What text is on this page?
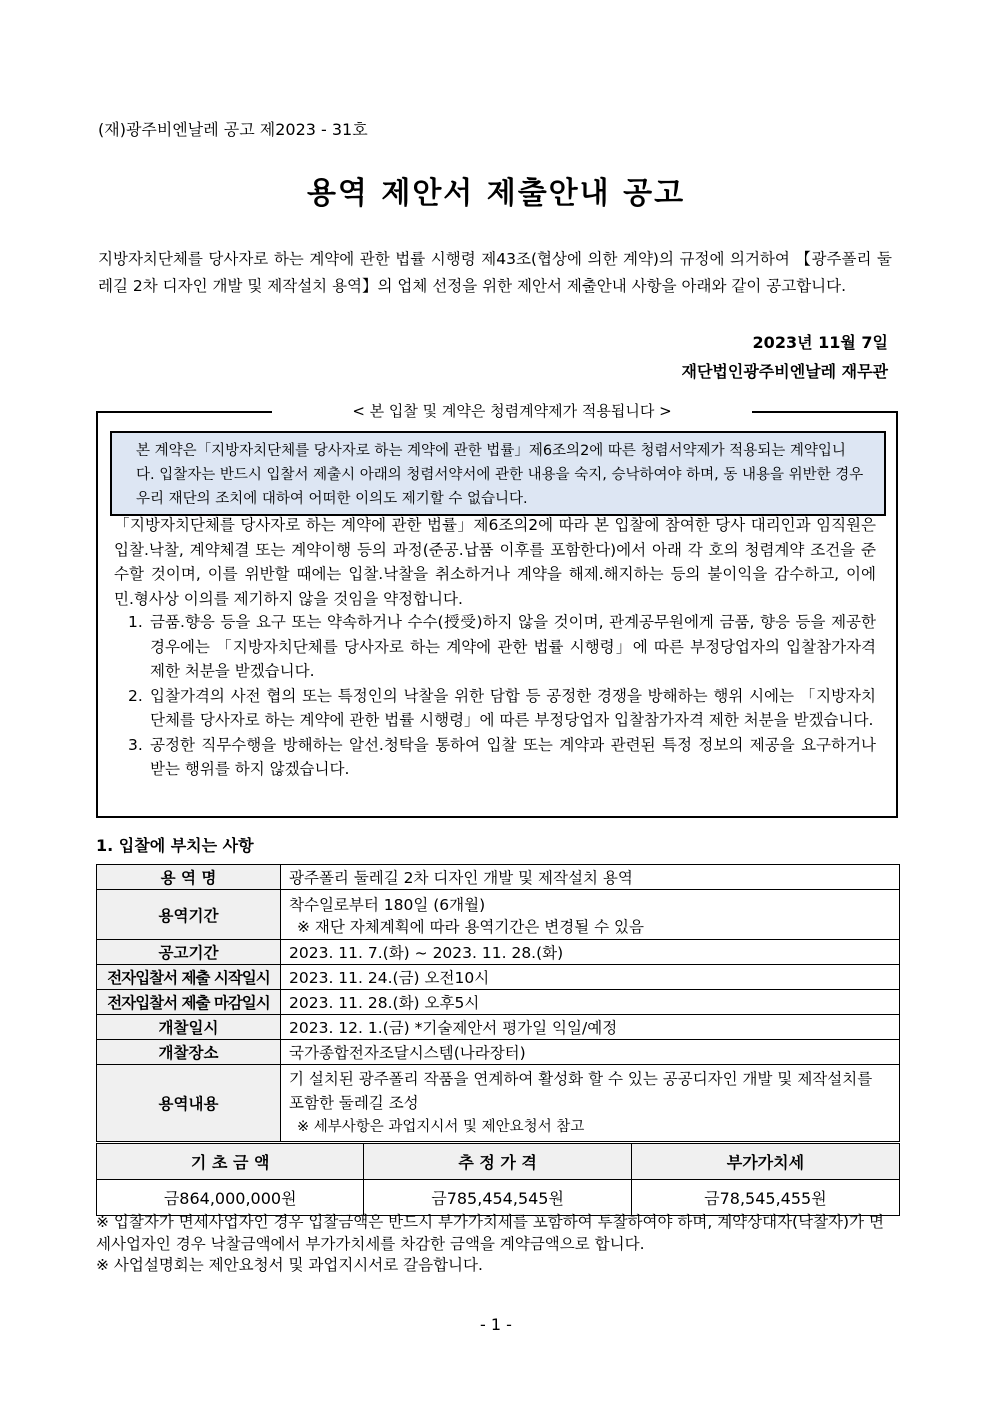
(재)광주비엔날레 공고 제2023 - 31호
용역 제안서 제출안내 공고
지방자치단체를 당사자로 하는 계약에 관한 법률 시행령 제43조(협상에 의한 계약)의 규정에 의거하여 【광주폴리 둘레길 2차 디자인 개발 및 제작설치 용역】의 업체 선정을 위한 제안서 제출안내 사항을 아래와 같이 공고합니다.
2023년 11월 7일
재단법인광주비엔날레 재무관
< 본 입찰 및 계약은 청렴계약제가 적용됩니다 >
본 계약은「지방자치단체를 당사자로 하는 계약에 관한 법률」제6조의2에 따른 청렴서약제가 적용되는 계약입니다. 입찰자는 반드시 입찰서 제출시 아래의 청렴서약서에 관한 내용을 숙지, 승낙하여야 하며, 동 내용을 위반한 경우 우리 재단의 조치에 대하여 어떠한 이의도 제기할 수 없습니다.
「지방자치단체를 당사자로 하는 계약에 관한 법률」제6조의2에 따라 본 입찰에 참여한 당사 대리인과 임직원은 입찰.낙찰, 계약체결 또는 계약이행 등의 과정(준공.납품 이후를 포함한다)에서 아래 각 호의 청렴계약 조건을 준수할 것이며, 이를 위반할 때에는 입찰.낙찰을 취소하거나 계약을 해제.해지하는 등의 불이익을 감수하고, 이에 민.형사상 이의를 제기하지 않을 것임을 약정합니다.
1. 금품.향응 등을 요구 또는 약속하거나 수수(授受)하지 않을 것이며, 관계공무원에게 금품, 향응 등을 제공한 경우에는 「지방자치단체를 당사자로 하는 계약에 관한 법률 시행령」에 따른 부정당업자의 입찰참가자격 제한 처분을 받겠습니다.
2. 입찰가격의 사전 협의 또는 특정인의 낙찰을 위한 담합 등 공정한 경쟁을 방해하는 행위 시에는 「지방자치단체를 당사자로 하는 계약에 관한 법률 시행령」에 따른 부정당업자 입찰참가자격 제한 처분을 받겠습니다.
3. 공정한 직무수행을 방해하는 알선.청탁을 통하여 입찰 또는 계약과 관련된 특정 정보의 제공을 요구하거나 받는 행위를 하지 않겠습니다.
1. 입찰에 부치는 사항
용 역 명	광주폴리 둘레길 2차 디자인 개발 및 제작설치 용역
용역기간	착수일로부터 180일 (6개월)
※ 재단 자체계획에 따라 용역기간은 변경될 수 있음

공고기간	2023. 11. 7.(화) ~ 2023. 11. 28.(화)
전자입찰서 제출 시작일시	2023. 11. 24.(금) 오전10시
전자입찰서 제출 마감일시	2023. 11. 28.(화) 오후5시
개찰일시	2023. 12. 1.(금) *기술제안서 평가일 익일/예정
개찰장소	국가종합전자조달시스템(나라장터)
용역내용	기 설치된 광주폴리 작품을 연계하여 활성화 할 수 있는 공공디자인 개발 및 제작설치를 포함한 둘레길 조성
※ 세부사항은 과업지시서 및 제안요청서 참고
기 초 금 액	추 정 가 격	부가가치세
금864,000,000원	금785,454,545원	금78,545,455원
※ 입찰자가 면세사업자인 경우 입찰금액은 반드시 부가가치세를 포함하여 투찰하여야 하며, 계약상대자(낙찰자)가 면세사업자인 경우 낙찰금액에서 부가가치세를 차감한 금액을 계약금액으로 합니다.
※ 사업설명회는 제안요청서 및 과업지시서로 갈음합니다.
- 1 -
